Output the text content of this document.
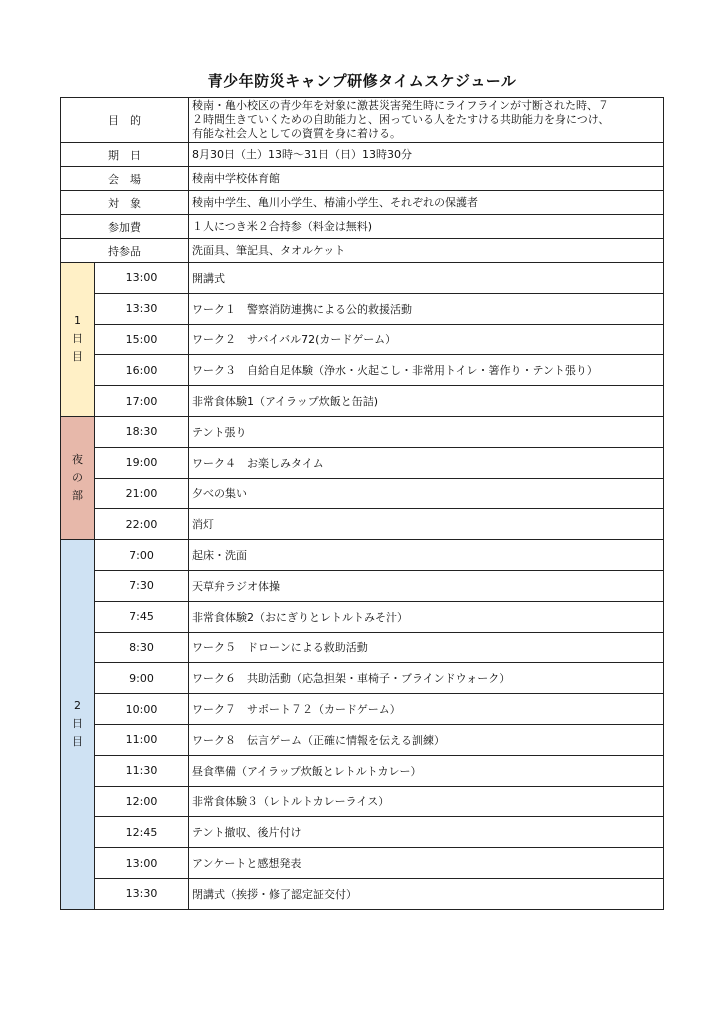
青少年防災キャンプ研修タイムスケジュール
目　的		稜南・亀小校区の青少年を対象に激甚災害発生時にライフラインが寸断された時、７
２時間生きていくための自助能力と、困っている人をたすける共助能力を身につけ、
有能な社会人としての資質を身に着ける。

期　日		8月30日（土）13時～31日（日）13時30分
会　場		稜南中学校体育館
対　象		稜南中学生、亀川小学生、椿浦小学生、それぞれの保護者
参加費		１人につき米２合持参（料金は無料)
持参品		洗面具、筆記具、タオルケット

1日目	13:00	開講式
	13:30	ワーク１　警察消防連携による公的救援活動
	15:00	ワーク２　サバイバル72(カードゲーム）
	16:00	ワーク３　自給自足体験（浄水・火起こし・非常用トイレ・箸作り・テント張り）
	17:00	非常食体験1（アイラップ炊飯と缶詰)

夜の部	18:30	テント張り
	19:00	ワーク４　お楽しみタイム
	21:00	夕べの集い
	22:00	消灯

2日目	7:00	起床・洗面
	7:30	天草弁ラジオ体操
	7:45	非常食体験2（おにぎりとレトルトみそ汁）
	8:30	ワーク５　ドローンによる救助活動
	9:00	ワーク６　共助活動（応急担架・車椅子・ブラインドウォーク）
	10:00	ワーク７　サポート７２（カードゲーム）
	11:00	ワーク８　伝言ゲーム（正確に情報を伝える訓練）
	11:30	昼食準備（アイラップ炊飯とレトルトカレー）
	12:00	非常食体験３（レトルトカレーライス）
	12:45	テント撤収、後片付け
	13:00	アンケートと感想発表
	13:30	閉講式（挨拶・修了認定証交付）
